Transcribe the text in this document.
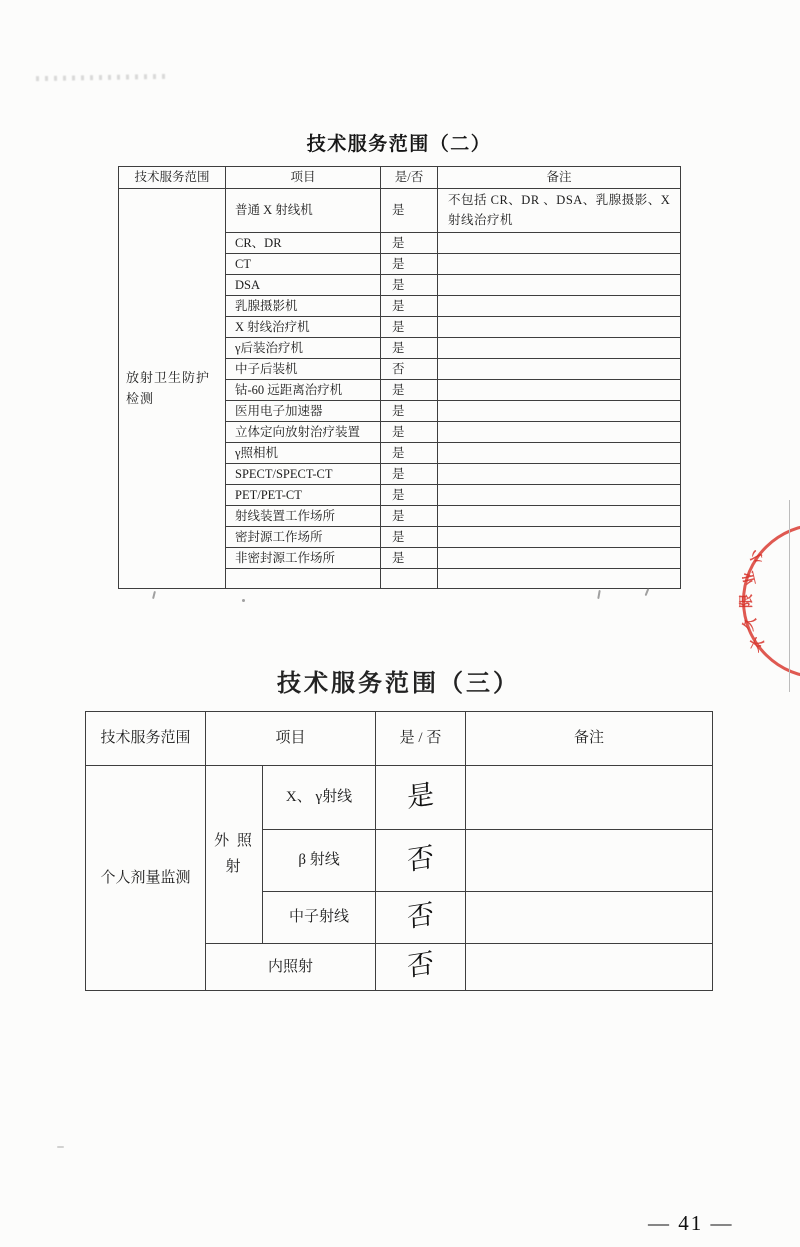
技术服务范围（二）
技术服务范围	项目	是/否	备注
放射卫生防护检测	普通 X 射线机	是	不包括 CR、DR 、DSA、乳腺摄影、X 射线治疗机
	CR、DR	是	
	CT	是	
	DSA	是	
	乳腺摄影机	是	
	X 射线治疗机	是	
	γ后装治疗机	是	
	中子后装机	否	
	钴-60 远距离治疗机	是	
	医用电子加速器	是	
	立体定向放射治疗装置	是	
	γ照相机	是	
	SPECT/SPECT-CT	是	
	PET/PET-CT	是	
	射线装置工作场所	是	
	密封源工作场所	是	
	非密封源工作场所	是	
			小
业
限
久
太
技术服务范围（三）
技术服务范围	项目		是 / 否	备注
个人剂量监测	外 照 射	X、 γ射线	是	
		β 射线	否	
		中子射线	否	
	内照射		否	
— 41 —
